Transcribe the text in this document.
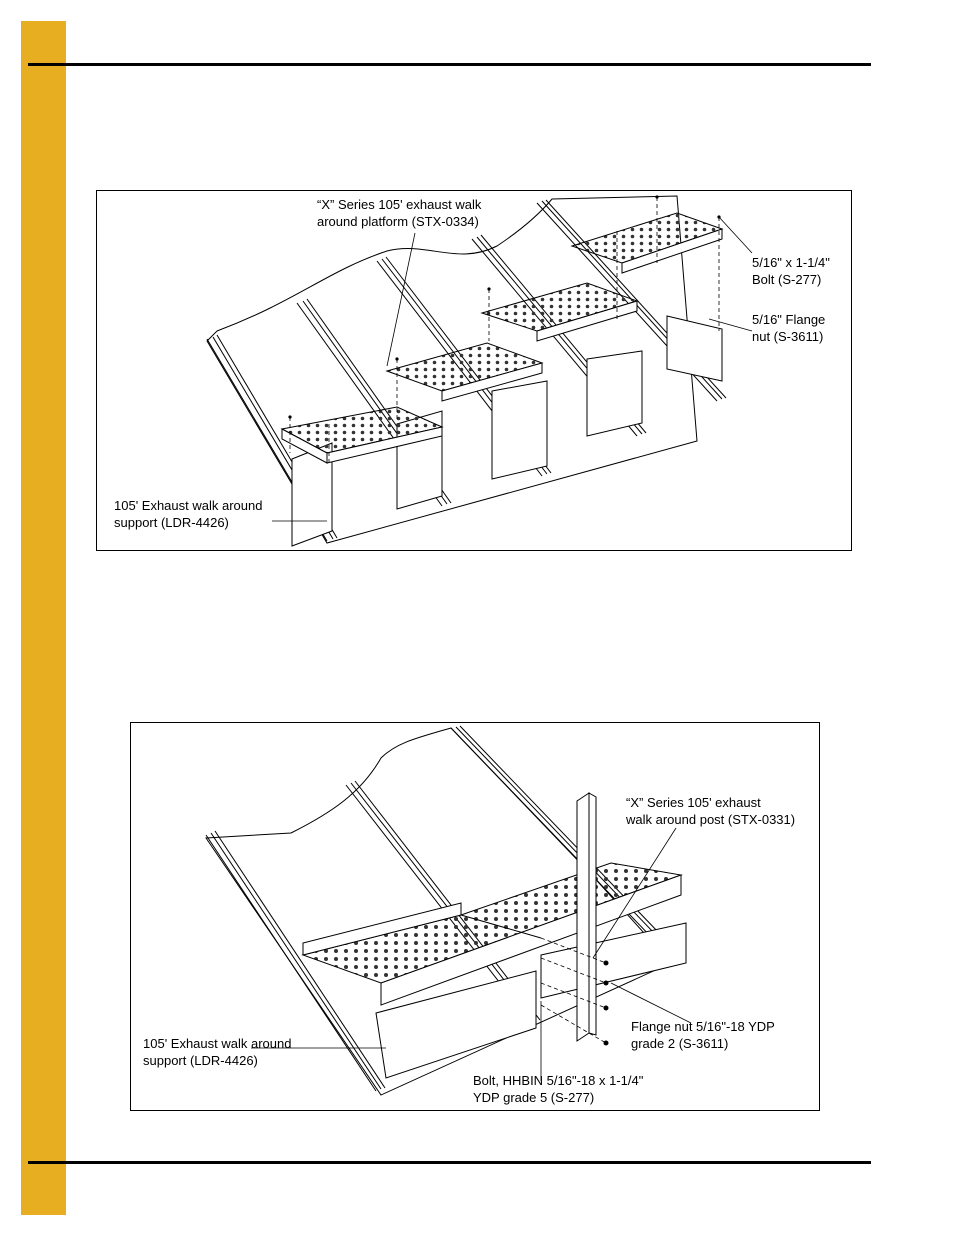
“X” Series 105' exhaust walk
around platform (STX-0334)

5/16" x 1-1/4"
Bolt (S-277)

5/16" Flange
nut (S-3611)

105' Exhaust walk around
support (LDR-4426)

“X” Series 105' exhaust
walk around post (STX-0331)

Flange nut 5/16"-18 YDP
grade 2 (S-3611)

105' Exhaust walk around
support (LDR-4426)

Bolt, HHBIN 5/16"-18 x 1-1/4"
YDP grade 5 (S-277)
